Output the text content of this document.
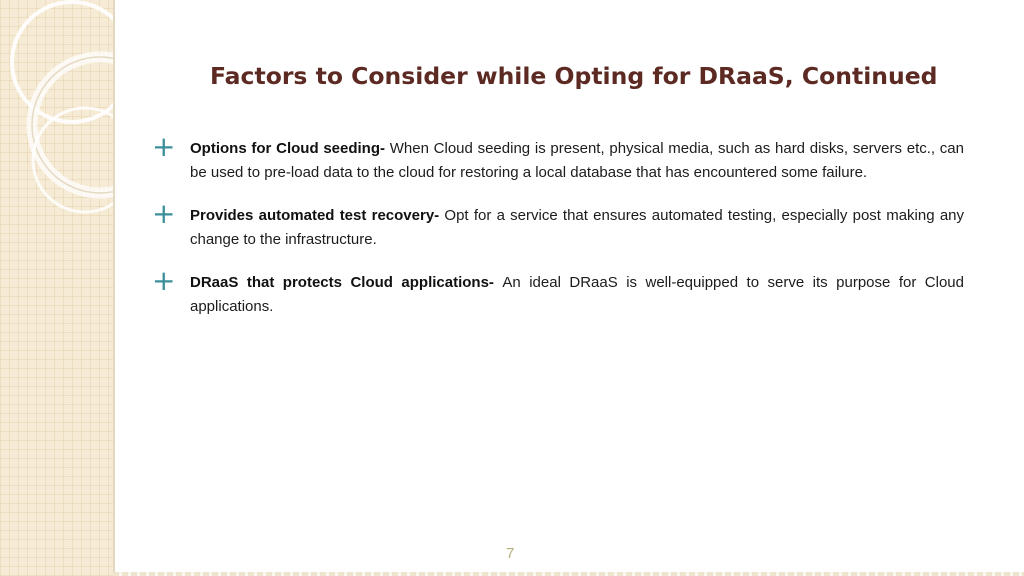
Factors to Consider while Opting for DRaaS, Continued
+ Options for Cloud seeding- When Cloud seeding is present, physical media, such as hard disks, servers etc., can be used to pre-load data to the cloud for restoring a local database that has encountered some failure.
+ Provides automated test recovery- Opt for a service that ensures automated testing, especially post making any change to the infrastructure.
+ DRaaS that protects Cloud applications- An ideal DRaaS is well-equipped to serve its purpose for Cloud applications.
7
